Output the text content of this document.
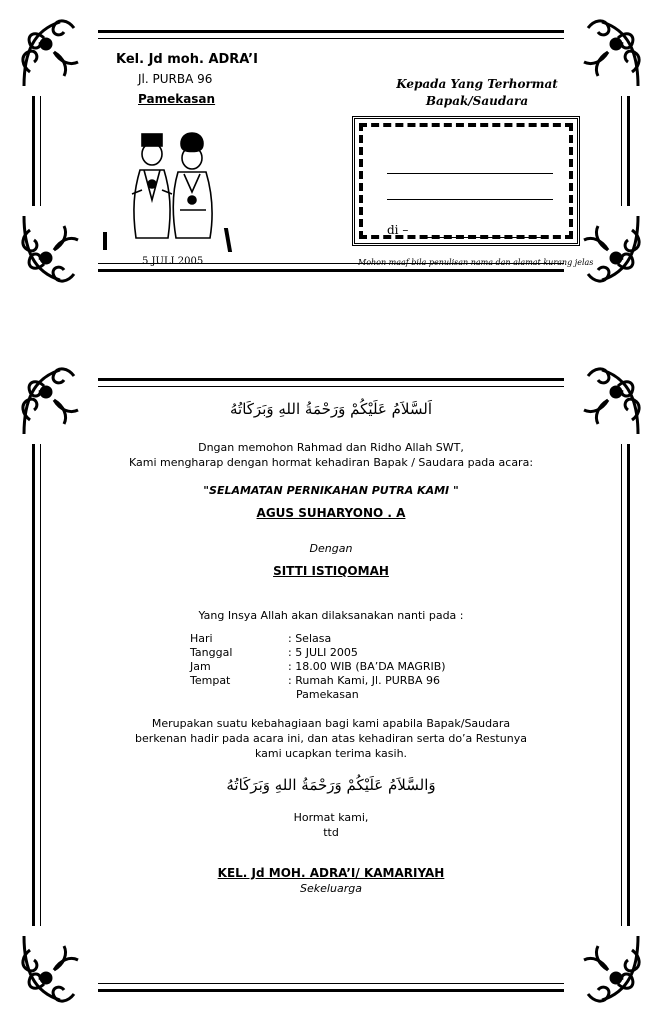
Kel. Jd moh. ADRA’I
Jl. PURBA 96
Pamekasan
5 JULI 2005
Kepada Yang Terhormat
Bapak/Saudara
di –
Mohon maaf bila penulisan nama dan alamat kurang jelas
اَلسَّلاَمُ عَلَيْكُمْ وَرَحْمَةُ اللهِ وَبَرَكَاتُهُ
Dngan memohon Rahmad dan Ridho Allah SWT,
Kami mengharap dengan hormat kehadiran Bapak / Saudara pada acara:
"SELAMATAN PERNIKAHAN PUTRA KAMI "
AGUS SUHARYONO . A
Dengan
SITTI ISTIQOMAH
Yang Insya Allah akan dilaksanakan nanti pada :
Hari	: Selasa
Tanggal	: 5 JULI 2005
Jam	: 18.00 WIB (BA’DA MAGRIB)
Tempat	: Rumah Kami, Jl. PURBA 96
Pamekasan
Merupakan suatu kebahagiaan bagi kami apabila Bapak/Saudara
berkenan hadir pada acara ini, dan atas kehadiran serta do’a Restunya
kami ucapkan terima kasih.
وَالسَّلاَمُ عَلَيْكُمْ وَرَحْمَةُ اللهِ وَبَرَكَاتُهُ
Hormat kami,
ttd
KEL. Jd MOH. ADRA’I/ KAMARIYAH
Sekeluarga
